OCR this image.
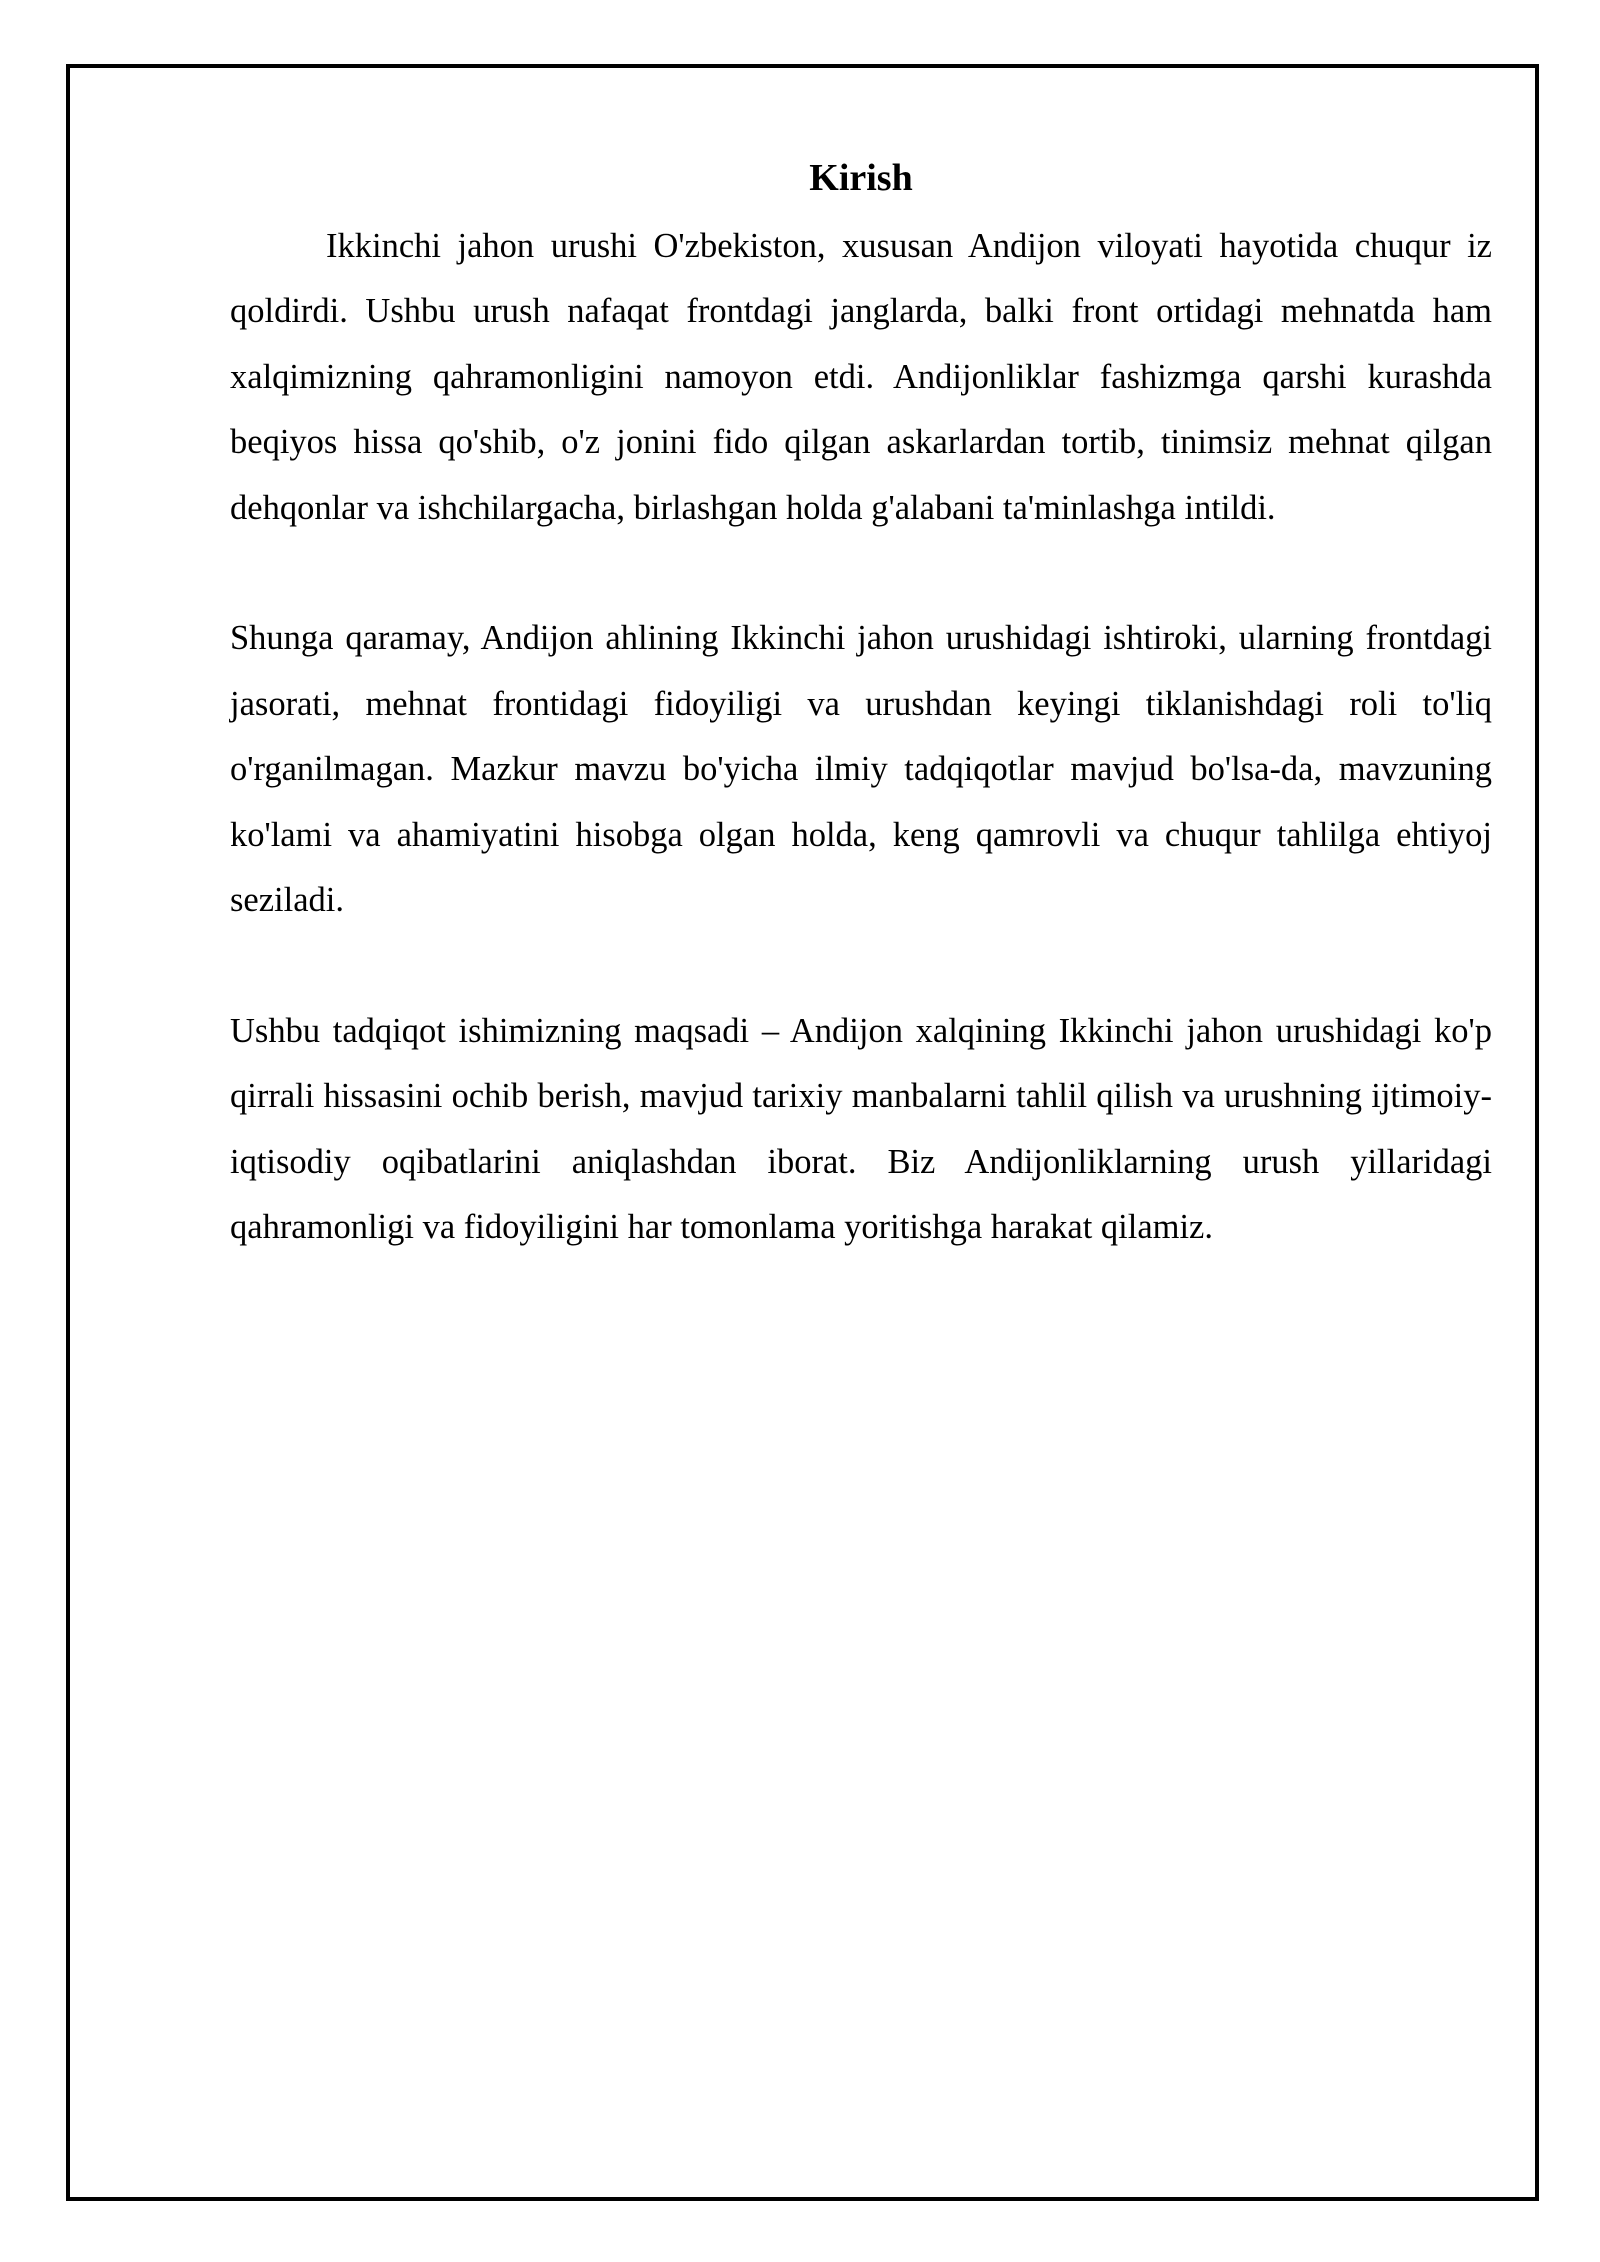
Kirish

Ikkinchi jahon urushi O'zbekiston, xususan Andijon viloyati hayotida chuqur iz qoldirdi. Ushbu urush nafaqat frontdagi janglarda, balki front ortidagi mehnatda ham xalqimizning qahramonligini namoyon etdi. Andijonliklar fashizmga qarshi kurashda beqiyos hissa qo'shib, o'z jonini fido qilgan askarlardan tortib, tinimsiz mehnat qilgan dehqonlar va ishchilargacha, birlashgan holda g'alabani ta'minlashga intildi.

Shunga qaramay, Andijon ahlining Ikkinchi jahon urushidagi ishtiroki, ularning frontdagi jasorati, mehnat frontidagi fidoyiligi va urushdan keyingi tiklanishdagi roli to'liq o'rganilmagan. Mazkur mavzu bo'yicha ilmiy tadqiqotlar mavjud bo'lsa-da, mavzuning ko'lami va ahamiyatini hisobga olgan holda, keng qamrovli va chuqur tahlilga ehtiyoj seziladi.

Ushbu tadqiqot ishimizning maqsadi – Andijon xalqining Ikkinchi jahon urushidagi ko'p qirrali hissasini ochib berish, mavjud tarixiy manbalarni tahlil qilish va urushning ijtimoiy-iqtisodiy oqibatlarini aniqlashdan iborat. Biz Andijonliklarning urush yillaridagi qahramonligi va fidoyiligini har tomonlama yoritishga harakat qilamiz.
